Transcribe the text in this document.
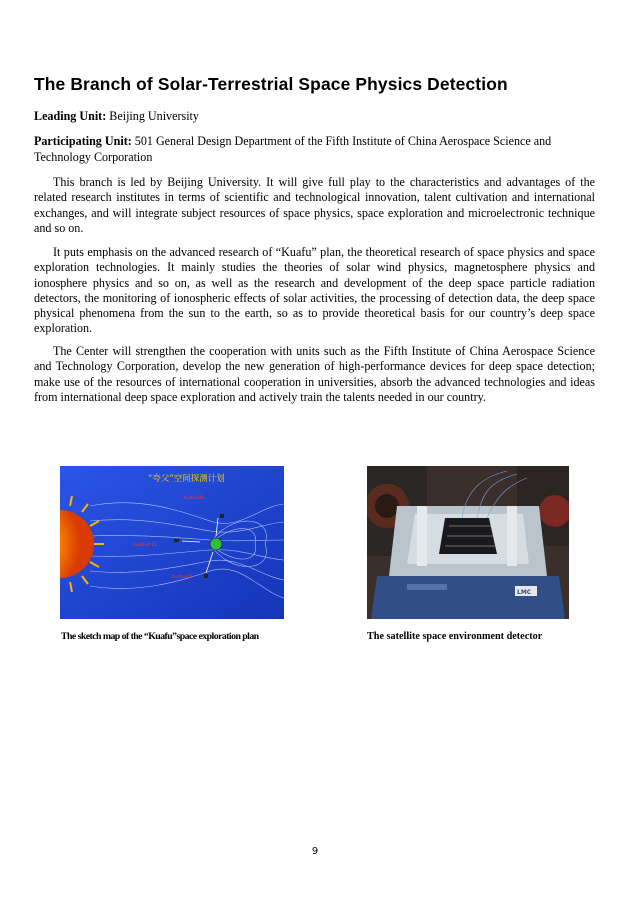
The Branch of Solar-Terrestrial Space Physics Detection
Leading Unit: Beijing University
Participating Unit: 501 General Design Department of the Fifth Institute of China Aerospace Science and Technology Corporation

This branch is led by Beijing University. It will give full play to the characteristics and advantages of the related research institutes in terms of scientific and technological innovation, talent cultivation and international exchanges, and will integrate subject resources of space physics, space exploration and microelectronic technique and so on.

It puts emphasis on the advanced research of “Kuafu” plan, the theoretical research of space physics and space exploration technologies. It mainly studies the theories of solar wind physics, magnetosphere physics and ionosphere physics and so on, as well as the research and development of the deep space particle radiation detectors, the monitoring of ionospheric effects of solar activities, the processing of detection data, the deep space physical phenomena from the sun to the earth, so as to provide theoretical basis for our country’s deep space exploration.

The Center will strengthen the cooperation with units such as the Fifth Institute of China Aerospace Science and Technology Corporation, develop the new generation of high-performance devices for deep space detection; make use of the resources of international cooperation in universities, absorb the advanced technologies and ideas from international deep space exploration and actively train the talents needed in our country.

“夸父”空间探测计划
Kuafu-B1
Kuafu-A L1
Kuafu-B2
The sketch map of the “Kuafu”space exploration plan
LMC
The satellite space environment detector
9
